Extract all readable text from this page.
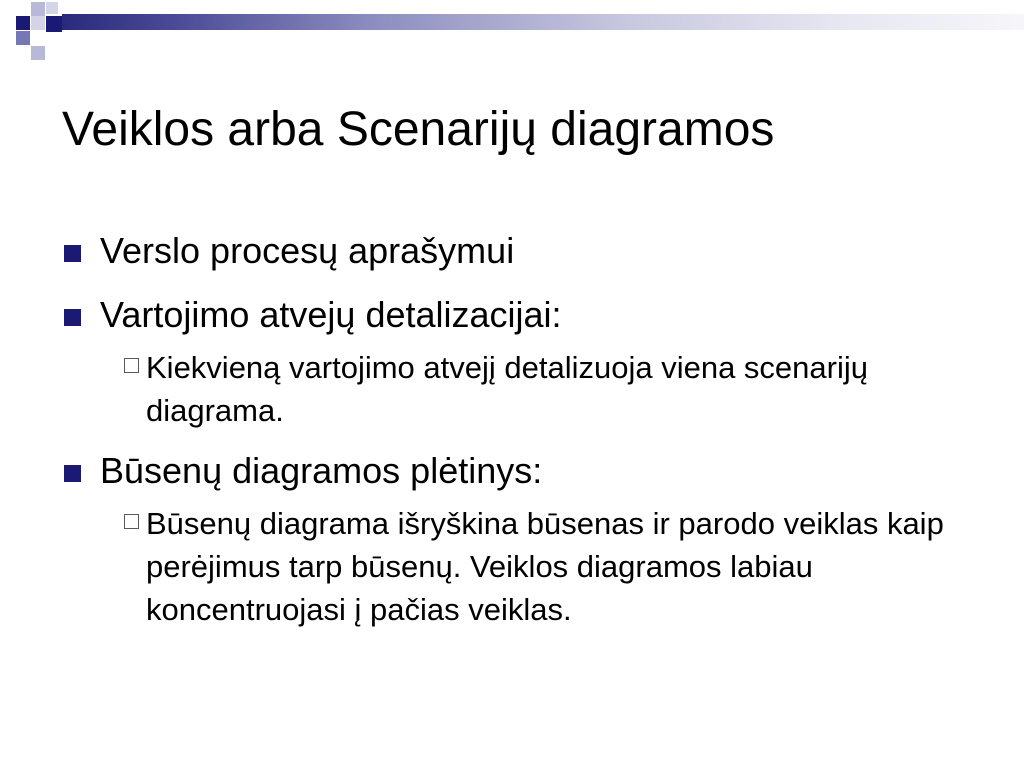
Veiklos arba Scenarijų diagramos
Verslo procesų aprašymui
Vartojimo atvejų detalizacijai:
Kiekvieną vartojimo atvejį detalizuoja viena scenarijų diagrama.
Būsenų diagramos plėtinys:
Būsenų diagrama išryškina būsenas ir parodo veiklas kaip perėjimus tarp būsenų. Veiklos diagramos labiau koncentruojasi į pačias veiklas.
